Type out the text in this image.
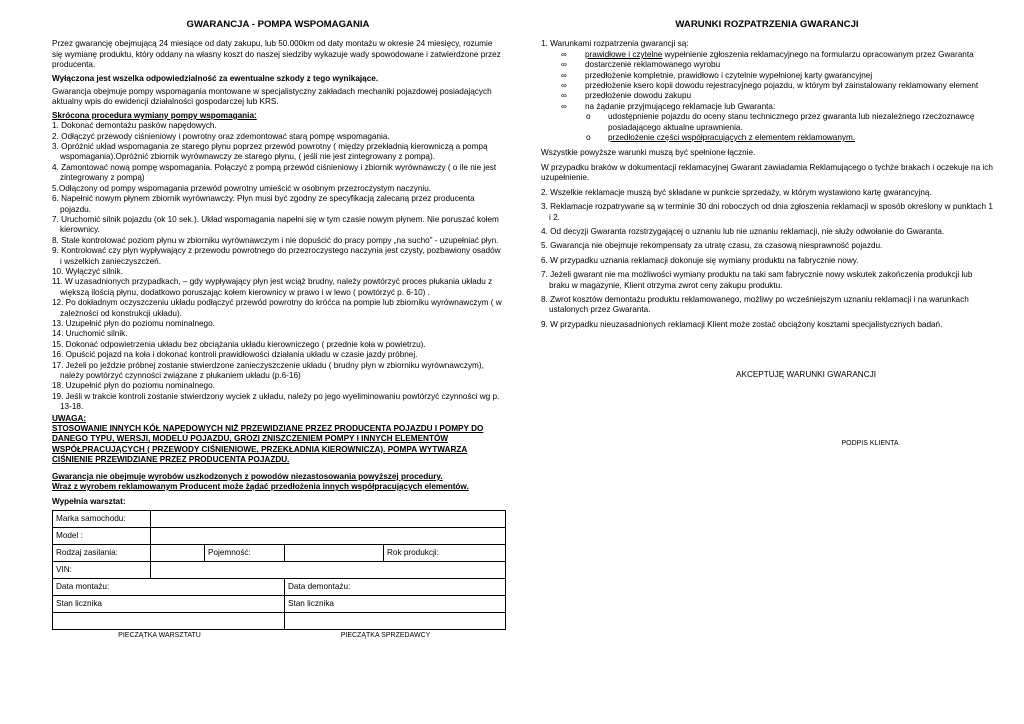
GWARANCJA - POMPA WSPOMAGANIA

Przez gwarancję obejmującą 24 miesiące od daty zakupu, lub 50.000km od daty montażu w okresie 24 miesięcy, rozumie się wymianę produktu, który oddany na własny koszt do naszej siedziby wykazuje wady spowodowane i zatwierdzone przez producenta.

Wyłączona jest wszelka odpowiedzialność za ewentualne szkody z tego wynikające.

Gwarancja obejmuje pompy wspomagania montowane w specjalistyczny zakładach mechaniki pojazdowej posiadających aktualny wpis do ewidencji działalności gospodarczej lub KRS.

Skrócona procedura wymiany pompy wspomagania:
1. Dokonać demontażu pasków napędowych.
2. Odłączyć przewody ciśnieniowy i powrotny oraz zdemontować starą pompę wspomagania.
3. Opróżnić układ wspomagania ze starego płynu poprzez przewód powrotny ( między przekładnią kierowniczą a pompą wspomagania).Opróżnić zbiornik wyrównawczy ze starego płynu, ( jeśli nie jest zintegrowany z pompą).
4. Zamontować nową pompę wspomagania. Połączyć z pompą przewód ciśnieniowy i zbiornik wyrównawczy ( o ile nie jest zintegrowany z pompą)
5.Odłączony od pompy wspomagania przewód powrotny umieścić w osobnym przezroczystym naczyniu.
6. Napełnić nowym płynem zbiornik wyrównawczy. Płyn musi być zgodny ze specyfikacją zalecaną przez producenta pojazdu.
7. Uruchomić silnik pojazdu (ok 10 sek.). Układ wspomagania napełni się w tym czasie nowym płynem. Nie poruszać kołem kierownicy.
8. Stale kontrolować poziom płynu w zbiorniku wyrównawczym i nie dopuścić do pracy pompy „na sucho” - uzupełniać płyn.
9. Kontrolować czy płyn wypływający z przewodu powrotnego do przezroczystego naczynia jest czysty, pozbawiony osadów i wszelkich zanieczyszczeń.
10. Wyłączyć silnik.
11. W uzasadnionych przypadkach, – gdy wypływający płyn jest wciąż brudny, należy powtórzyć proces płukania układu z większą ilością płynu, dodatkowo poruszając kołem kierownicy w prawo i w lewo ( powtórzyć p. 6-10) .
12. Po dokładnym oczyszczeniu układu podłączyć przewód powrotny do króćca na pompie lub zbiorniku wyrównawczym ( w zależności od konstrukcji układu).
13. Uzupełnić płyn do poziomu nominalnego.
14. Uruchomić silnik.
15. Dokonać odpowietrzenia układu bez obciążania układu kierowniczego ( przednie koła w powietrzu).
16. Opuścić pojazd na koła i dokonać kontroli prawidłowości działania układu w czasie jazdy próbnej.
17. Jeżeli po jeździe próbnej zostanie stwierdzone zanieczyszczenie układu ( brudny płyn w zbiorniku wyrównawczym), należy powtórzyć czynności związane z płukaniem układu (p.6-16)
18. Uzupełnić płyn do poziomu nominalnego.
19. Jeśli w trakcie kontroli zostanie stwierdzony wyciek z układu, należy po jego wyeliminowaniu powtórzyć czynności wg p. 13-18.
UWAGA:
STOSOWANIE INNYCH KÓŁ NAPĘDOWYCH NIŻ PRZEWIDZIANE PRZEZ PRODUCENTA POJAZDU I POMPY DO DANEGO TYPU, WERSJI, MODELU POJAZDU, GROZI ZNISZCZENIEM POMPY I INNYCH ELEMENTÓW WSPÓŁPRACUJĄCYCH ( PRZEWODY CIŚNIENIOWE, PRZEKŁADNIA KIEROWNICZA). POMPA WYTWARZA CIŚNIENIE PRZEWIDZIANE PRZEZ PRODUCENTA POJAZDU.
Gwarancja nie obejmuje wyrobów uszkodzonych z powodów niezastosowania powyższej procedury.
Wraz z wyrobem reklamowanym Producent może żądać przedłożenia innych współpracujących elementów.
Wypełnia warsztat:
Marka samochodu:				
Model :				
Rodzaj zasilania:		Pojemność:		Rok produkcji:
VIN:				
Data montażu:			Data demontażu:	
Stan licznika			Stan licznika	

PIECZĄTKA WARSZTATU	PIECZĄTKA SPRZEDAWCY
WARUNKI ROZPATRZENIA GWARANCJI
1. Warunkami rozpatrzenia gwarancji są:
∞ prawidłowe i czytelne wypełnienie zgłoszenia reklamacyjnego na formularzu opracowanym przez Gwaranta
∞ dostarczenie reklamowanego wyrobu
∞ przedłożenie kompletnie, prawidłowo i czytelnie wypełnionej karty gwarancyjnej
∞ przedłożenie ksero kopii dowodu rejestracyjnego pojazdu, w którym był zainstalowany reklamowany element
∞ przedłożenie dowodu zakupu
∞ na żądanie przyjmującego reklamacje lub Gwaranta:
o udostępnienie pojazdu do oceny stanu technicznego przez gwaranta lub niezależnego rzeczoznawcę posiadającego aktualne uprawnienia.
o przedłożenie części współpracujących z elementem reklamowanym.

Wszystkie powyższe warunki muszą być spełnione łącznie.

W przypadku braków w dokumentacji reklamacyjnej Gwarant zawiadamia Reklamującego o tychże brakach i oczekuje na ich uzupełnienie.

2. Wszelkie reklamacje muszą być składane w punkcie sprzedaży, w którym wystawiono kartę gwarancyjną.

3. Reklamacje rozpatrywane są w terminie 30 dni roboczych od dnia zgłoszenia reklamacji w sposób określony w punktach 1 i 2.

4. Od decyzji Gwaranta rozstrzygającej o uznaniu lub nie uznaniu reklamacji, nie służy odwołanie do Gwaranta.

5. Gwarancja nie obejmuje rekompensaty za utratę czasu, za czasową niesprawność pojazdu.

6. W przypadku uznania reklamacji dokonuje się wymiany produktu na fabrycznie nowy.

7. Jeżeli gwarant nie ma możliwości wymiany produktu na taki sam fabrycznie nowy wskutek zakończenia produkcji lub braku w magazynie, Klient otrzyma zwrot ceny zakupu produktu.

8. Zwrot kosztów demontażu produktu reklamowanego, możliwy po wcześniejszym uznaniu reklamacji i na warunkach ustalonych przez Gwaranta.

9. W przypadku nieuzasadnionych reklamacji Klient może zostać obciążony kosztami specjalistycznych badań.

AKCEPTUJĘ WARUNKI GWARANCJI
PODPIS KLIENTA
